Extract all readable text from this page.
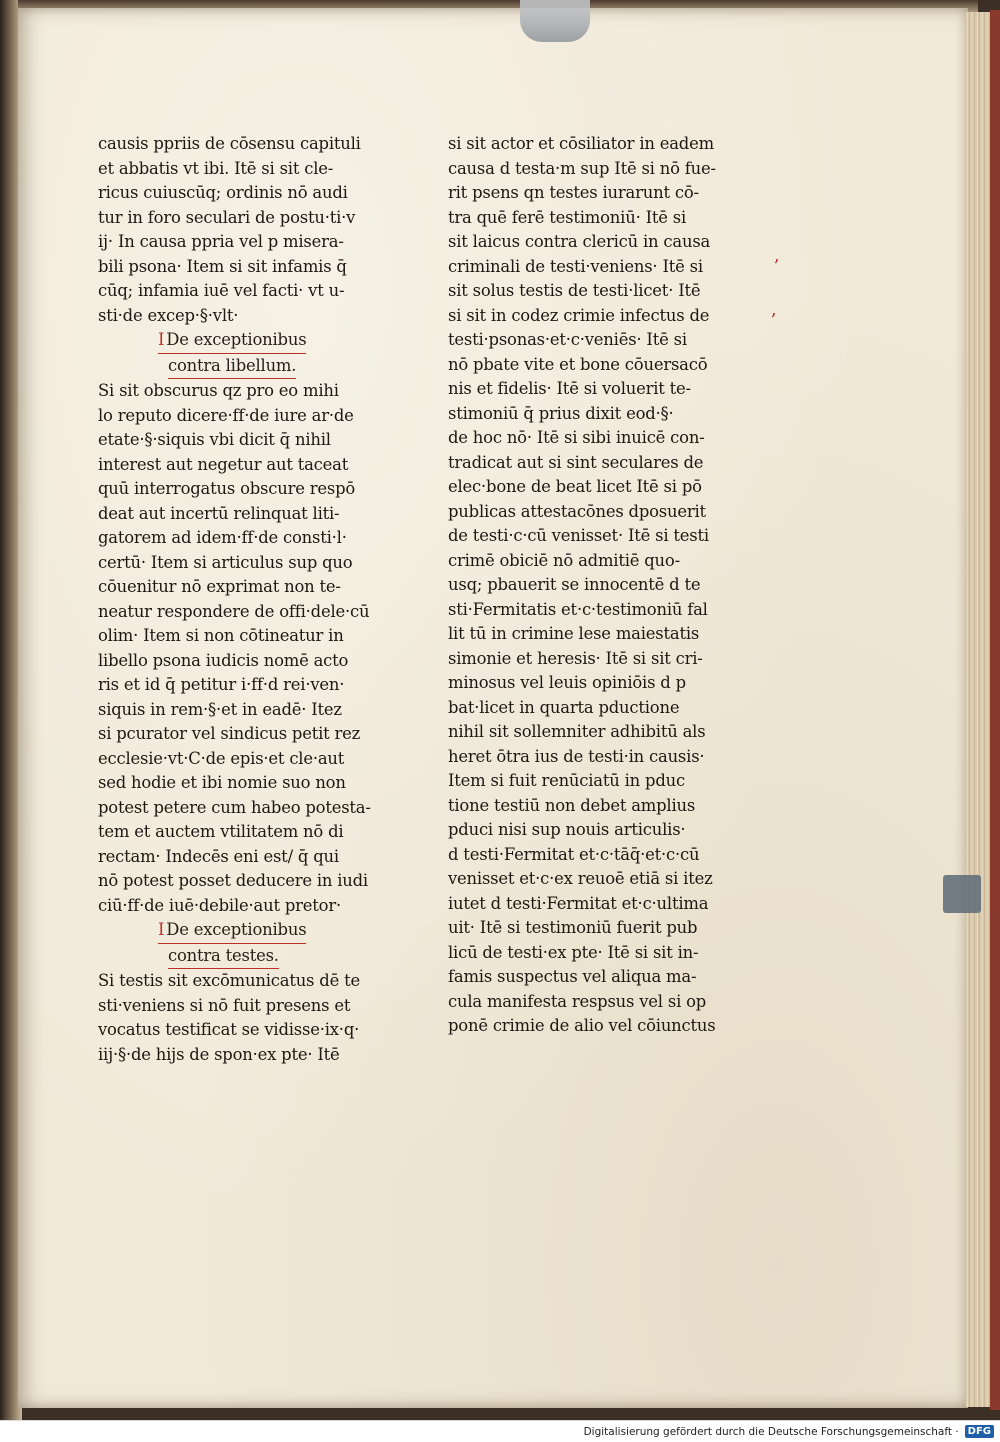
ʼ
ʼ
causis ppriis de cōsensu capituli
et abbatis vt ibi. Itē si sit cle-
ricus cuiuscūq; ordinis nō audi
tur in foro seculari de postu·ti·v
ij· In causa ppria vel p misera-
bili psona· Item si sit infamis q̄
cūq; infamia iuē vel facti· vt u-
sti·de excep·§·vlt·
I De exceptionibus
contra libellum.
Si sit obscurus qz pro eo mihi
lo reputo dicere·ff·de iure ar·de
etate·§·siquis vbi dicit q̄ nihil
interest aut negetur aut taceat
quū interrogatus obscure respō
deat aut incertū relinquat liti-
gatorem ad idem·ff·de consti·l·
certū· Item si articulus sup quo
cōuenitur nō exprimat non te-
neatur respondere de offi·dele·cū
olim· Item si non cōtineatur in
libello psona iudicis nomē acto
ris et id q̄ petitur i·ff·d rei·ven·
siquis in rem·§·et in eadē· Itez
si pcurator vel sindicus petit rez
ecclesie·vt·C·de epis·et cle·aut
sed hodie et ibi nomie suo non
potest petere cum habeo potesta-
tem et auctem vtilitatem nō di
rectam· Indecēs eni est/ q̄ qui
nō potest posset deducere in iudi
ciū·ff·de iuē·debile·aut pretor·
I De exceptionibus
contra testes.
Si testis sit excōmunicatus dē te
sti·veniens si nō fuit presens et
vocatus testificat se vidisse·ix·q·
iij·§·de hijs de spon·ex pte· Itē
si sit actor et cōsiliator in eadem
causa d testa·m sup Itē si nō fue-
rit psens qn testes iurarunt cō-
tra quē ferē testimoniū· Itē si
sit laicus contra clericū in causa
criminali de testi·veniens· Itē si
sit solus testis de testi·licet· Itē
si sit in codez crimie infectus de
testi·psonas·et·c·veniēs· Itē si
nō pbate vite et bone cōuersacō
nis et fidelis· Itē si voluerit te-
stimoniū q̄ prius dixit eod·§·
de hoc nō· Itē si sibi inuicē con-
tradicat aut si sint seculares de
elec·bone de beat licet Itē si pō
publicas attestacōnes dposuerit
de testi·c·cū venisset· Itē si testi
crimē obiciē nō admitiē quo-
usq; pbauerit se innocentē d te
sti·Fermitatis et·c·testimoniū fal
lit tū in crimine lese maiestatis
simonie et heresis· Itē si sit cri-
minosus vel leuis opiniōis d p
bat·licet in quarta pductione
nihil sit sollemniter adhibitū als
heret ōtra ius de testi·in causis·
Item si fuit renūciatū in pduc
tione testiū non debet amplius
pduci nisi sup nouis articulis·
d testi·Fermitat et·c·tāq̄·et·c·cū
venisset et·c·ex reuoē etiā si itez
iutet d testi·Fermitat et·c·ultima
uit· Itē si testimoniū fuerit pub
licū de testi·ex pte· Itē si sit in-
famis suspectus vel aliqua ma-
cula manifesta respsus vel si op
ponē crimie de alio vel cōiunctus
Digitalisierung gefördert durch die Deutsche Forschungsgemeinschaft · DFG
